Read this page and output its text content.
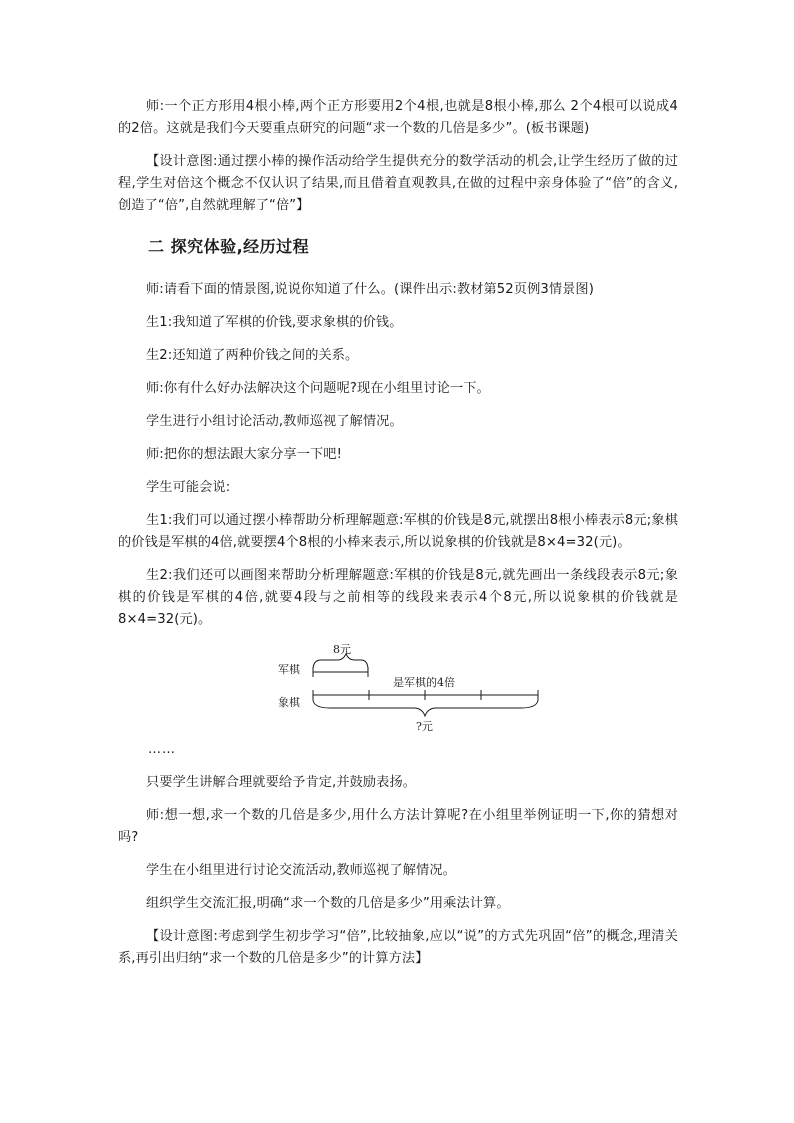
师:一个正方形用4根小棒,两个正方形要用2个4根,也就是8根小棒,那么 2个4根可以说成4的2倍。这就是我们今天要重点研究的问题“求一个数的几倍是多少”。(板书课题)

【设计意图:通过摆小棒的操作活动给学生提供充分的数学活动的机会,让学生经历了做的过程,学生对倍这个概念不仅认识了结果,而且借着直观教具,在做的过程中亲身体验了“倍”的含义,创造了“倍”,自然就理解了“倍”】

二 探究体验,经历过程

师:请看下面的情景图,说说你知道了什么。(课件出示:教材第52页例3情景图)

生1:我知道了军棋的价钱,要求象棋的价钱。

生2:还知道了两种价钱之间的关系。

师:你有什么好办法解决这个问题呢?现在小组里讨论一下。

学生进行小组讨论活动,教师巡视了解情况。

师:把你的想法跟大家分享一下吧!

学生可能会说:

生1:我们可以通过摆小棒帮助分析理解题意:军棋的价钱是8元,就摆出8根小棒表示8元;象棋的价钱是军棋的4倍,就要摆4个8根的小棒来表示,所以说象棋的价钱就是8×4=32(元)。

生2:我们还可以画图来帮助分析理解题意:军棋的价钱是8元,就先画出一条线段表示8元;象棋的价钱是军棋的4倍,就要4段与之前相等的线段来表示4个8元,所以说象棋的价钱就是8×4=32(元)。

军棋
8元
是军棋的4倍
象棋
?元
……

只要学生讲解合理就要给予肯定,并鼓励表扬。

师:想一想,求一个数的几倍是多少,用什么方法计算呢?在小组里举例证明一下,你的猜想对吗?

学生在小组里进行讨论交流活动,教师巡视了解情况。

组织学生交流汇报,明确“求一个数的几倍是多少”用乘法计算。

【设计意图:考虑到学生初步学习“倍”,比较抽象,应以“说”的方式先巩固“倍”的概念,理清关系,再引出归纳“求一个数的几倍是多少”的计算方法】
